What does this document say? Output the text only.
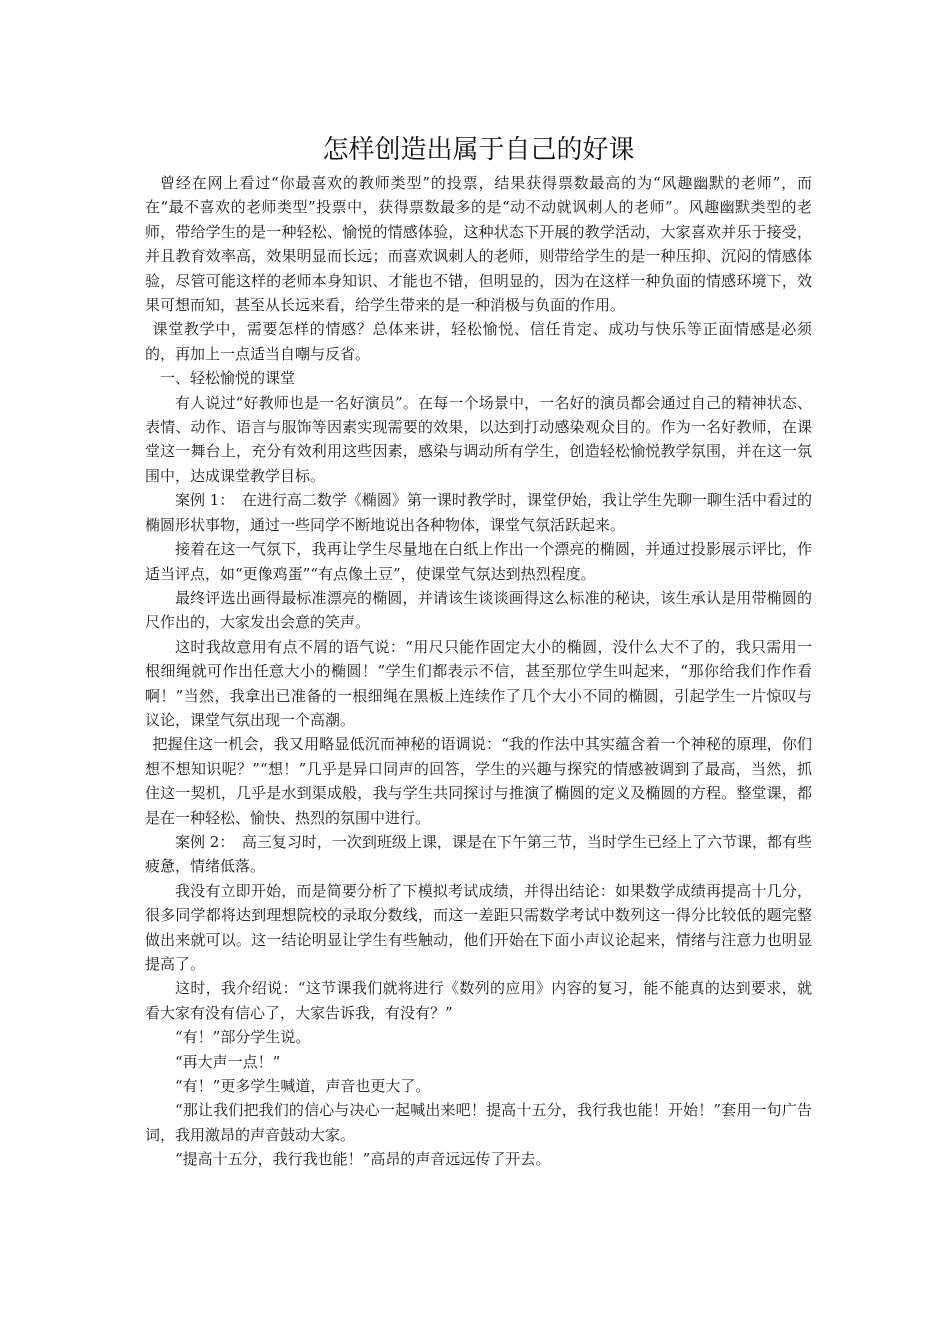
怎样创造出属于自己的好课

曾经在网上看过“你最喜欢的教师类型”的投票，结果获得票数最高的为“风趣幽默的老师”，而在“最不喜欢的老师类型”投票中，获得票数最多的是“动不动就讽刺人的老师”。风趣幽默类型的老师，带给学生的是一种轻松、愉悦的情感体验，这种状态下开展的教学活动，大家喜欢并乐于接受，并且教育效率高，效果明显而长远；而喜欢讽刺人的老师，则带给学生的是一种压抑、沉闷的情感体验，尽管可能这样的老师本身知识、才能也不错，但明显的，因为在这样一种负面的情感环境下，效果可想而知，甚至从长远来看，给学生带来的是一种消极与负面的作用。

课堂教学中，需要怎样的情感？总体来讲，轻松愉悦、信任肯定、成功与快乐等正面情感是必须的，再加上一点适当自嘲与反省。

一、轻松愉悦的课堂

有人说过“好教师也是一名好演员”。在每一个场景中，一名好的演员都会通过自己的精神状态、表情、动作、语言与服饰等因素实现需要的效果，以达到打动感染观众目的。作为一名好教师，在课堂这一舞台上，充分有效利用这些因素，感染与调动所有学生，创造轻松愉悦教学氛围，并在这一氛围中，达成课堂教学目标。

案例 1：　在进行高二数学《椭圆》第一课时教学时，课堂伊始，我让学生先聊一聊生活中看过的椭圆形状事物，通过一些同学不断地说出各种物体，课堂气氛活跃起来。

接着在这一气氛下，我再让学生尽量地在白纸上作出一个漂亮的椭圆，并通过投影展示评比，作适当评点，如“更像鸡蛋”“有点像土豆”，使课堂气氛达到热烈程度。

最终评选出画得最标准漂亮的椭圆，并请该生谈谈画得这么标准的秘诀，该生承认是用带椭圆的尺作出的，大家发出会意的笑声。

这时我故意用有点不屑的语气说：“用尺只能作固定大小的椭圆，没什么大不了的，我只需用一根细绳就可作出任意大小的椭圆！”学生们都表示不信，甚至那位学生叫起来，“那你给我们作作看啊！”当然，我拿出已准备的一根细绳在黑板上连续作了几个大小不同的椭圆，引起学生一片惊叹与议论，课堂气氛出现一个高潮。

把握住这一机会，我又用略显低沉而神秘的语调说：“我的作法中其实蕴含着一个神秘的原理，你们想不想知识呢？”“想！”几乎是异口同声的回答，学生的兴趣与探究的情感被调到了最高，当然，抓住这一契机，几乎是水到渠成般，我与学生共同探讨与推演了椭圆的定义及椭圆的方程。整堂课，都是在一种轻松、愉快、热烈的氛围中进行。

案例 2：　高三复习时，一次到班级上课，课是在下午第三节，当时学生已经上了六节课，都有些疲惫，情绪低落。

我没有立即开始，而是简要分析了下模拟考试成绩，并得出结论：如果数学成绩再提高十几分，很多同学都将达到理想院校的录取分数线，而这一差距只需数学考试中数列这一得分比较低的题完整做出来就可以。这一结论明显让学生有些触动，他们开始在下面小声议论起来，情绪与注意力也明显提高了。

这时，我介绍说：“这节课我们就将进行《数列的应用》内容的复习，能不能真的达到要求，就看大家有没有信心了，大家告诉我，有没有？”

“有！”部分学生说。

“再大声一点！”

“有！”更多学生喊道，声音也更大了。

“那让我们把我们的信心与决心一起喊出来吧！提高十五分，我行我也能！开始！”套用一句广告词，我用激昂的声音鼓动大家。

“提高十五分，我行我也能！”高昂的声音远远传了开去。
